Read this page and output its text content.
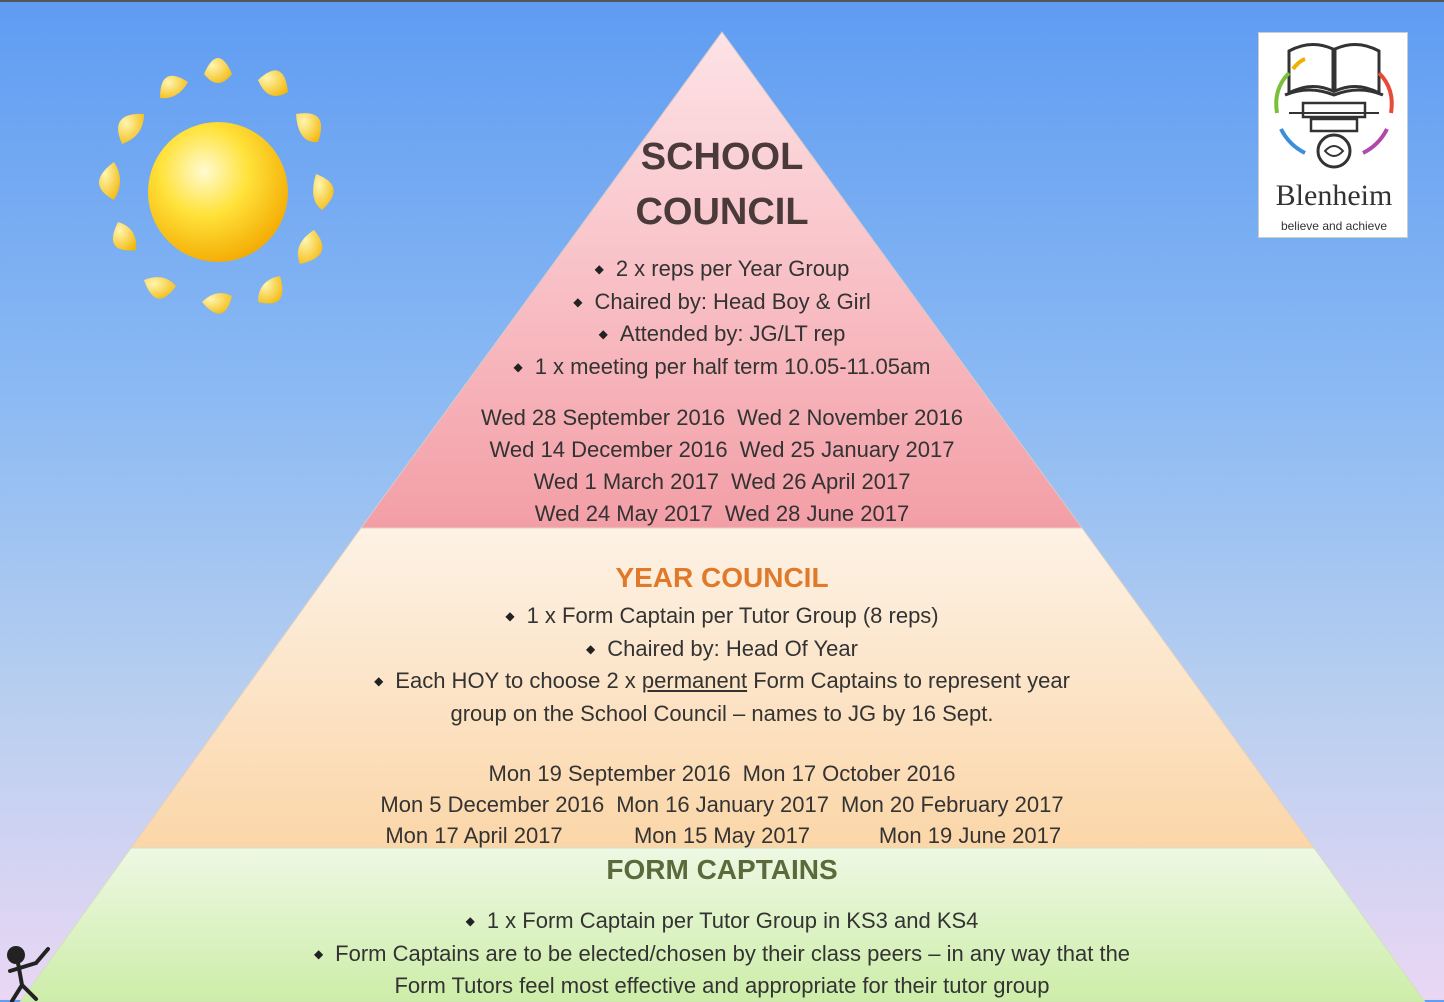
SCHOOL
COUNCIL
◆ 2 x reps per Year Group
◆ Chaired by: Head Boy & Girl
◆ Attended by: JG/LT rep
◆ 1 x meeting per half term 10.05-11.05am
Wed 28 September 2016 Wed 2 November 2016
Wed 14 December 2016 Wed 25 January 2017
Wed 1 March 2017 Wed 26 April 2017
Wed 24 May 2017 Wed 28 June 2017
YEAR COUNCIL
◆ 1 x Form Captain per Tutor Group (8 reps)
◆ Chaired by: Head Of Year
◆ Each HOY to choose 2 x permanent Form Captains to represent year
group on the School Council – names to JG by 16 Sept.
Mon 19 September 2016 Mon 17 October 2016
Mon 5 December 2016 Mon 16 January 2017 Mon 20 February 2017
Mon 17 April 2017	Mon 15 May 2017	Mon 19 June 2017
FORM CAPTAINS
◆ 1 x Form Captain per Tutor Group in KS3 and KS4
◆ Form Captains are to be elected/chosen by their class peers – in any way that the
Form Tutors feel most effective and appropriate for their tutor group
Blenheim
believe and achieve
